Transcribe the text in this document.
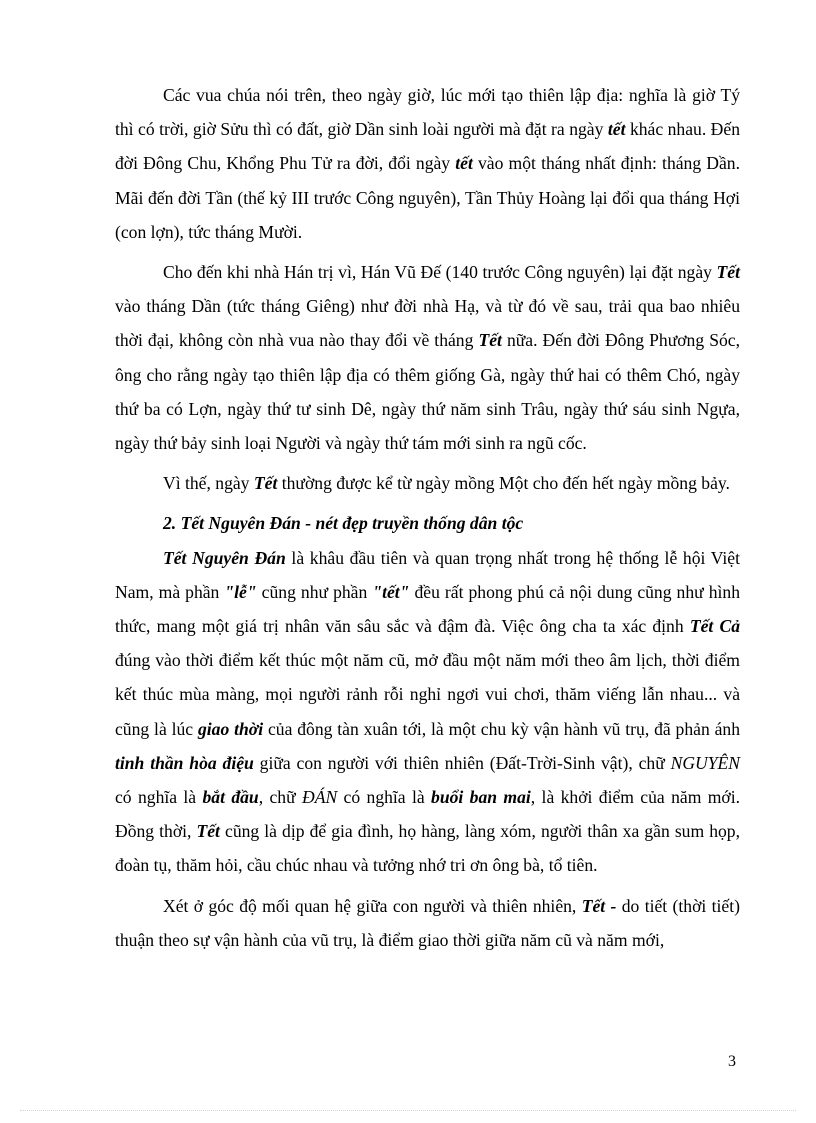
Các vua chúa nói trên, theo ngày giờ, lúc mới tạo thiên lập địa: nghĩa là giờ Tý thì có trời, giờ Sửu thì có đất, giờ Dần sinh loài người mà đặt ra ngày tết khác nhau. Đến đời Đông Chu, Khổng Phu Tử ra đời, đổi ngày tết vào một tháng nhất định: tháng Dần. Mãi đến đời Tần (thế kỷ III trước Công nguyên), Tần Thủy Hoàng lại đổi qua tháng Hợi (con lợn), tức tháng Mười.

Cho đến khi nhà Hán trị vì, Hán Vũ Đế (140 trước Công nguyên) lại đặt ngày Tết vào tháng Dần (tức tháng Giêng) như đời nhà Hạ, và từ đó về sau, trải qua bao nhiêu thời đại, không còn nhà vua nào thay đổi về tháng Tết nữa. Đến đời Đông Phương Sóc, ông cho rằng ngày tạo thiên lập địa có thêm giống Gà, ngày thứ hai có thêm Chó, ngày thứ ba có Lợn, ngày thứ tư sinh Dê, ngày thứ năm sinh Trâu, ngày thứ sáu sinh Ngựa, ngày thứ bảy sinh loại Người và ngày thứ tám mới sinh ra ngũ cốc.

Vì thế, ngày Tết thường được kể từ ngày mồng Một cho đến hết ngày mồng bảy.

2. Tết Nguyên Đán - nét đẹp truyền thống dân tộc

Tết Nguyên Đán là khâu đầu tiên và quan trọng nhất trong hệ thống lễ hội Việt Nam, mà phần "lễ" cũng như phần "tết" đều rất phong phú cả nội dung cũng như hình thức, mang một giá trị nhân văn sâu sắc và đậm đà. Việc ông cha ta xác định Tết Cả đúng vào thời điểm kết thúc một năm cũ, mở đầu một năm mới theo âm lịch, thời điểm kết thúc mùa màng, mọi người rảnh rỗi nghỉ ngơi vui chơi, thăm viếng lẫn nhau... và cũng là lúc giao thời của đông tàn xuân tới, là một chu kỳ vận hành vũ trụ, đã phản ánh tinh thần hòa điệu giữa con người với thiên nhiên (Đất-Trời-Sinh vật), chữ NGUYÊN có nghĩa là bắt đầu, chữ ĐÁN có nghĩa là buổi ban mai, là khởi điểm của năm mới. Đồng thời, Tết cũng là dịp để gia đình, họ hàng, làng xóm, người thân xa gần sum họp, đoàn tụ, thăm hỏi, cầu chúc nhau và tưởng nhớ tri ơn ông bà, tổ tiên.

Xét ở góc độ mối quan hệ giữa con người và thiên nhiên, Tết - do tiết (thời tiết) thuận theo sự vận hành của vũ trụ, là điểm giao thời giữa năm cũ và năm mới,

3
